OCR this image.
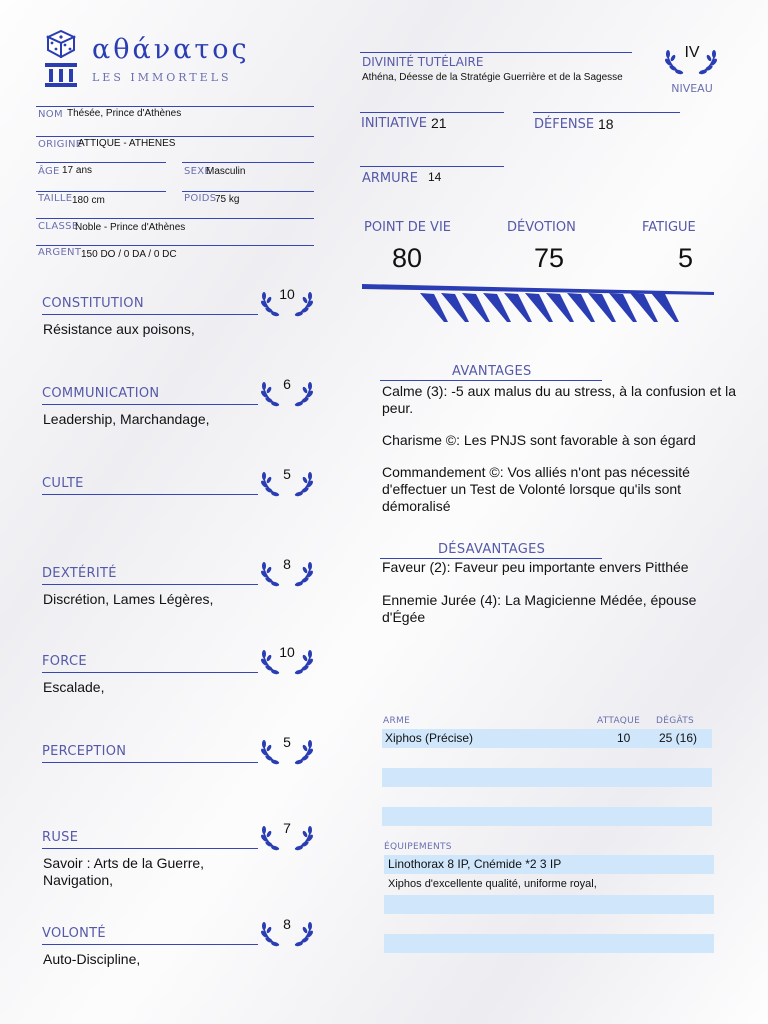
αθάνατος
LES IMMORTELS
NOM Thésée, Prince d'Athènes
ORIGINE
ATTIQUE - ATHENES
ÂGE 17 ans	SEXE
Masculin
TAILLE 180 cm	POIDS
75 kg
CLASSE
Noble - Prince d'Athènes
ARGENT 150 DO / 0 DA / 0 DC
DIVINITÉ TUTÉLAIRE
Athéna, Déesse de la Stratégie Guerrière et de la Sagesse
IV
NIVEAU
INITIATIVE 21	DÉFENSE 18
ARMURE 14
POINT DE VIE	DÉVOTION	FATIGUE
80	75	5
CONSTITUTION
Résistance aux poisons,
10
COMMUNICATION
Leadership, Marchandage,
6
CULTE
5
DEXTÉRITÉ
Discrétion, Lames Légères,
8
FORCE
Escalade,
10
PERCEPTION
5
RUSE
Savoir : Arts de la Guerre, Navigation,
7
VOLONTÉ
Auto-Discipline,
8
AVANTAGES
Calme (3): -5 aux malus du au stress, à la confusion et la peur.
Charisme ©: Les PNJS sont favorable à son égard
Commandement ©: Vos alliés n'ont pas nécessité d'effectuer un Test de Volonté lorsque qu'ils sont démoralisé
DÉSAVANTAGES
Faveur (2): Faveur peu importante envers Pitthée
Ennemie Jurée (4): La Magicienne Médée, épouse d'Égée
ARME	ATTAQUE DÉGÂTS
Xiphos (Précise)	10 25 (16)
ÉQUIPEMENTS
Linothorax 8 IP, Cnémide *2 3 IP
Xiphos d'excellente qualité, uniforme royal,
